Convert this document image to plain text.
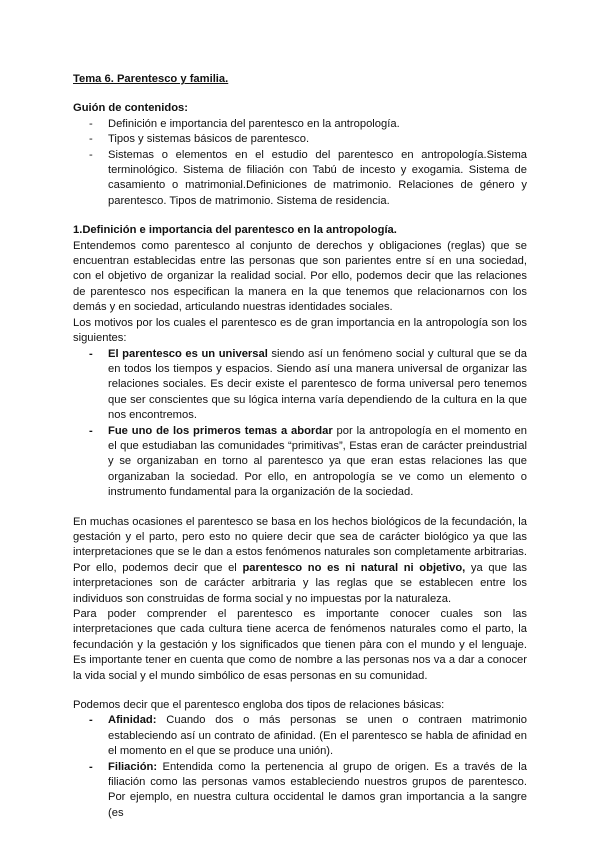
Tema 6. Parentesco y familia.

Guión de contenidos:

- Definición e importancia del parentesco en la antropología.
- Tipos y sistemas básicos de parentesco.
- Sistemas o elementos en el estudio del parentesco en antropología.Sistema terminológico. Sistema de filiación con Tabú de incesto y exogamia. Sistema de casamiento o matrimonial.Definiciones de matrimonio. Relaciones de género y parentesco. Tipos de matrimonio. Sistema de residencia.

1.Definición e importancia del parentesco en la antropología.

Entendemos como parentesco al conjunto de derechos y obligaciones (reglas) que se encuentran establecidas entre las personas que son parientes entre sí en una sociedad, con el objetivo de organizar la realidad social. Por ello, podemos decir que las relaciones de parentesco nos especifican la manera en la que tenemos que relacionarnos con los demás y en sociedad, articulando nuestras identidades sociales.

Los motivos por los cuales el parentesco es de gran importancia en la antropología son los siguientes:

- El parentesco es un universal siendo así un fenómeno social y cultural que se da en todos los tiempos y espacios. Siendo así una manera universal de organizar las relaciones sociales. Es decir existe el parentesco de forma universal pero tenemos que ser conscientes que su lógica interna varía dependiendo de la cultura en la que nos encontremos.
- Fue uno de los primeros temas a abordar por la antropología en el momento en el que estudiaban las comunidades “primitivas”, Estas eran de carácter preindustrial y se organizaban en torno al parentesco ya que eran estas relaciones las que organizaban la sociedad. Por ello, en antropología se ve como un elemento o instrumento fundamental para la organización de la sociedad.

En muchas ocasiones el parentesco se basa en los hechos biológicos de la fecundación, la gestación y el parto, pero esto no quiere decir que sea de carácter biológico ya que las interpretaciones que se le dan a estos fenómenos naturales son completamente arbitrarias. Por ello, podemos decir que el parentesco no es ni natural ni objetivo, ya que las interpretaciones son de carácter arbitraria y las reglas que se establecen entre los individuos son construidas de forma social y no impuestas por la naturaleza.

Para poder comprender el parentesco es importante conocer cuales son las interpretaciones que cada cultura tiene acerca de fenómenos naturales como el parto, la fecundación y la gestación y los significados que tienen pàra con el mundo y el lenguaje. Es importante tener en cuenta que como de nombre a las personas nos va a dar a conocer la vida social y el mundo simbólico de esas personas en su comunidad.

Podemos decir que el parentesco engloba dos tipos de relaciones básicas:

- Afinidad: Cuando dos o más personas se unen o contraen matrimonio estableciendo así un contrato de afinidad. (En el parentesco se habla de afinidad en el momento en el que se produce una unión).
- Filiación: Entendida como la pertenencia al grupo de origen. Es a través de la filiación como las personas vamos estableciendo nuestros grupos de parentesco. Por ejemplo, en nuestra cultura occidental le damos gran importancia a la sangre (es
